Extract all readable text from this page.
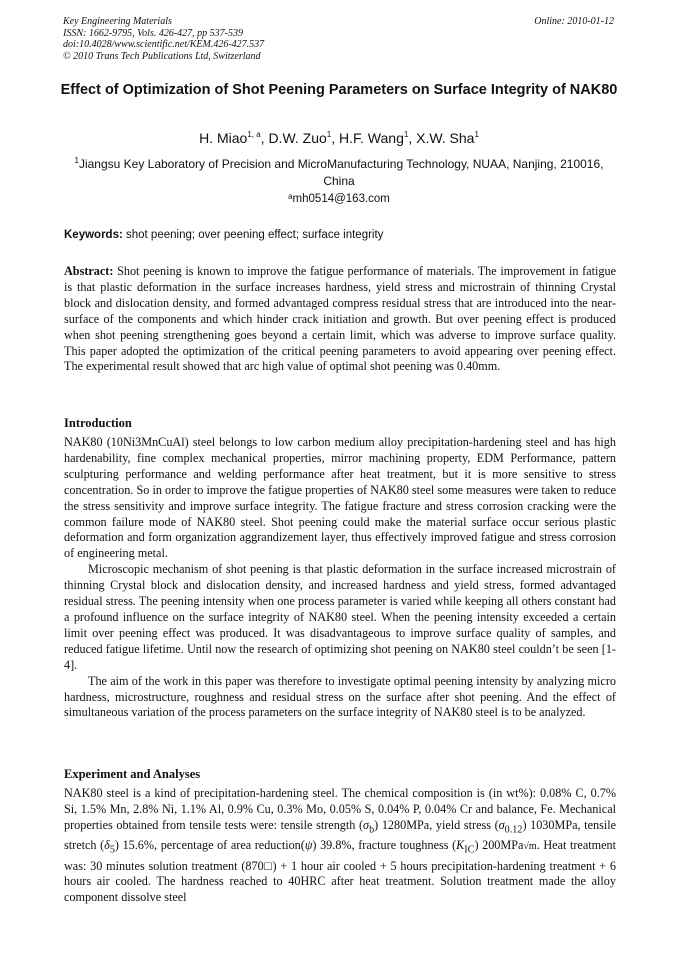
Key Engineering Materials
ISSN: 1662-9795, Vols. 426-427, pp 537-539
doi:10.4028/www.scientific.net/KEM.426-427.537
© 2010 Trans Tech Publications Ltd, Switzerland
Online: 2010-01-12
Effect of Optimization of Shot Peening Parameters on Surface Integrity of NAK80
H. Miao$^{1, a}$, D.W. Zuo$^1$, H.F. Wang$^1$, X.W. Sha$^1$
$^1$Jiangsu Key Laboratory of Precision and MicroManufacturing Technology, NUAA, Nanjing, 210016, China
$^a$mh0514@163.com
Keywords: shot peening; over peening effect; surface integrity

Abstract: Shot peening is known to improve the fatigue performance of materials. The improvement in fatigue is that plastic deformation in the surface increases hardness, yield stress and microstrain of thinning Crystal block and dislocation density, and formed advantaged compress residual stress that are introduced into the near-surface of the components and which hinder crack initiation and growth. But over peening effect is produced when shot peening strengthening goes beyond a certain limit, which was adverse to improve surface quality. This paper adopted the optimization of the critical peening parameters to avoid appearing over peening effect. The experimental result showed that arc high value of optimal shot peening was 0.40mm.

Introduction

NAK80 (10Ni3MnCuAl) steel belongs to low carbon medium alloy precipitation-hardening steel and has high hardenability, fine complex mechanical properties, mirror machining property, EDM Performance, pattern sculpturing performance and welding performance after heat treatment, but it is more sensitive to stress concentration. So in order to improve the fatigue properties of NAK80 steel some measures were taken to reduce the stress sensitivity and improve surface integrity. The fatigue fracture and stress corrosion cracking were the common failure mode of NAK80 steel. Shot peening could make the material surface occur serious plastic deformation and form organization aggrandizement layer, thus effectively improved fatigue and stress corrosion of engineering metal.

Microscopic mechanism of shot peening is that plastic deformation in the surface increased microstrain of thinning Crystal block and dislocation density, and increased hardness and yield stress, formed advantaged residual stress. The peening intensity when one process parameter is varied while keeping all others constant had a profound influence on the surface integrity of NAK80 steel. When the peening intensity exceeded a certain limit over peening effect was produced. It was disadvantageous to improve surface quality of samples, and reduced fatigue lifetime. Until now the research of optimizing shot peening on NAK80 steel couldn’t be seen [1-4].

The aim of the work in this paper was therefore to investigate optimal peening intensity by analyzing micro hardness, microstructure, roughness and residual stress on the surface after shot peening. And the effect of simultaneous variation of the process parameters on the surface integrity of NAK80 steel is to be analyzed.

Experiment and Analyses

NAK80 steel is a kind of precipitation-hardening steel. The chemical composition is (in wt%): 0.08% C, 0.7% Si, 1.5% Mn, 2.8% Ni, 1.1% Al, 0.9% Cu, 0.3% Mo, 0.05% S, 0.04% P, 0.04% Cr and balance, Fe. Mechanical properties obtained from tensile tests were: tensile strength $(\sigma_b)$ 1280MPa, yield stress $(\sigma_{0.12})$ 1030MPa, tensile stretch $(\delta_5)$ 15.6%, percentage of area reduction(ψ) 39.8%, fracture toughness $(K_{IC})$ 200MPa√m. Heat treatment was: 30 minutes solution treatment (870□) + 1 hour air cooled + 5 hours precipitation-hardening treatment + 6 hours air cooled. The hardness reached to 40HRC after heat treatment. Solution treatment made the alloy component dissolve steel
